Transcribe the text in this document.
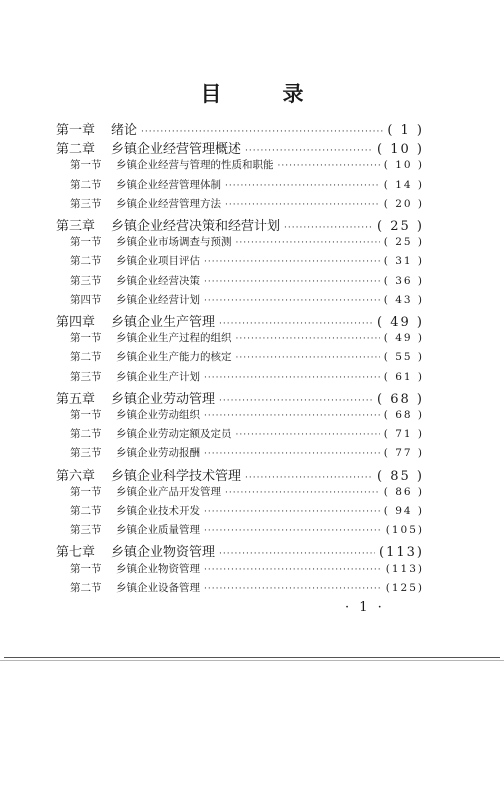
目　录
第一章	绪论 ·····	( 1 )
第二章	乡镇企业经营管理概述 ·····	( 10 )
第一节	乡镇企业经营与管理的性质和职能 ·····	( 10 )
第二节	乡镇企业经营管理体制 ·····	( 14 )
第三节	乡镇企业经营管理方法 ·····	( 20 )
第三章	乡镇企业经营决策和经营计划 ·····	( 25 )
第一节	乡镇企业市场调查与预测 ·····	( 25 )
第二节	乡镇企业项目评估 ·····	( 31 )
第三节	乡镇企业经营决策 ·····	( 36 )
第四节	乡镇企业经营计划 ·····	( 43 )
第四章	乡镇企业生产管理 ·····	( 49 )
第一节	乡镇企业生产过程的组织 ·····	( 49 )
第二节	乡镇企业生产能力的核定 ·····	( 55 )
第三节	乡镇企业生产计划 ·····	( 61 )
第五章	乡镇企业劳动管理 ·····	( 68 )
第一节	乡镇企业劳动组织 ·····	( 68 )
第二节	乡镇企业劳动定额及定员 ·····	( 71 )
第三节	乡镇企业劳动报酬 ·····	( 77 )
第六章	乡镇企业科学技术管理 ·····	( 85 )
第一节	乡镇企业产品开发管理 ·····	( 86 )
第二节	乡镇企业技术开发 ·····	( 94 )
第三节	乡镇企业质量管理 ·····	(105)
第七章	乡镇企业物资管理 ·····	(113)
第一节	乡镇企业物资管理 ·····	(113)
第二节	乡镇企业设备管理 ·····	(125)
· 1 ·
